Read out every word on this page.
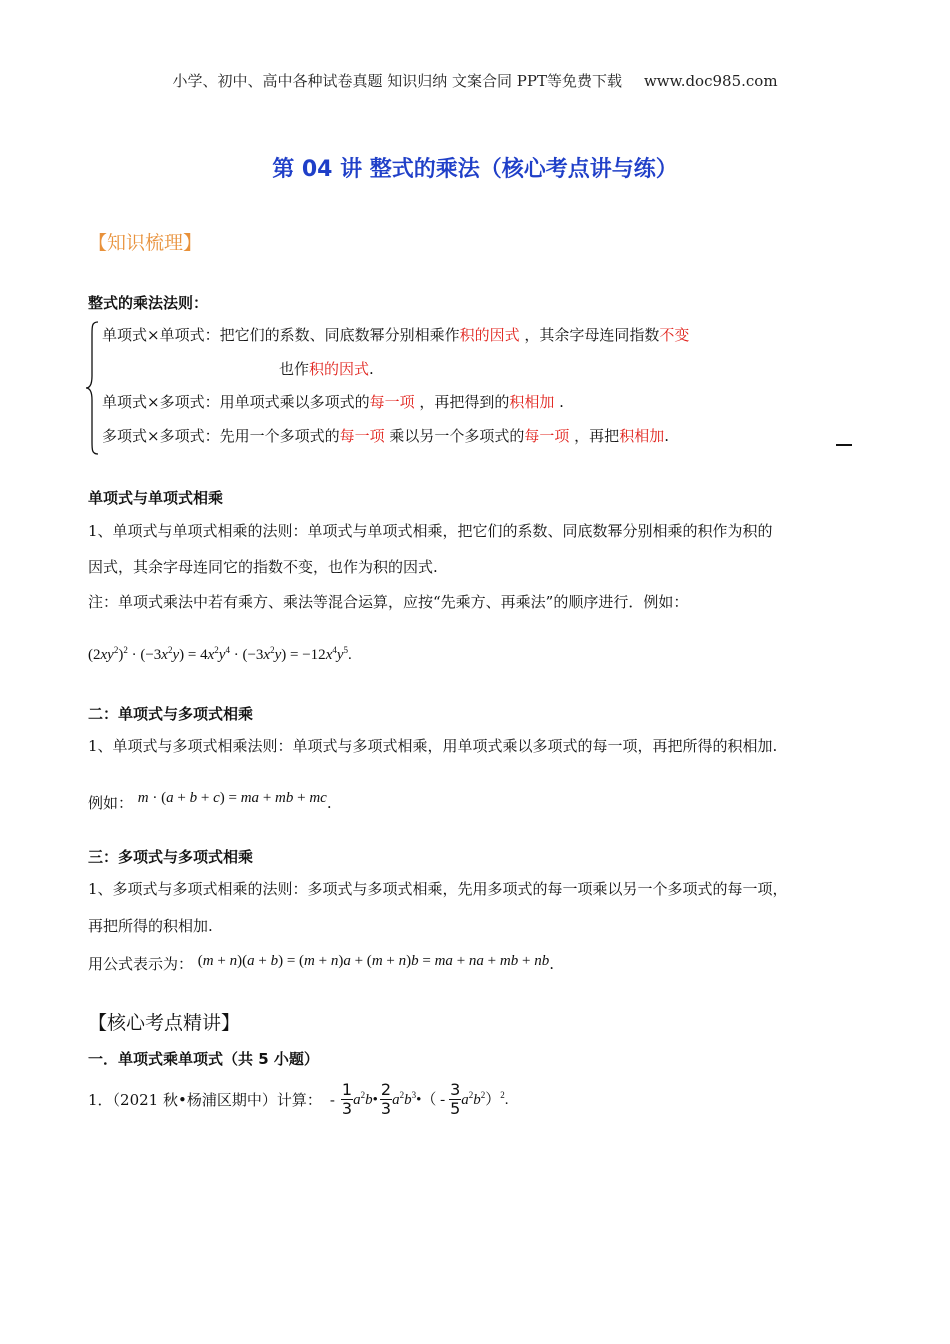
小学、初中、高中各种试卷真题 知识归纳 文案合同 PPT等免费下载 www.doc985.com
第 04 讲 整式的乘法（核心考点讲与练）
【知识梳理】
整式的乘法法则：
单项式×单项式：把它们的系数、同底数幂分别相乘作积的因式 ，其余字母连同指数不变
也作积的因式.
单项式×多项式：用单项式乘以多项式的每一项 ，再把得到的积相加 .
多项式×多项式：先用一个多项式的每一项 乘以另一个多项式的每一项 ，再把积相加.
单项式与单项式相乘
1、单项式与单项式相乘的法则：单项式与单项式相乘，把它们的系数、同底数幂分别相乘的积作为积的
因式，其余字母连同它的指数不变，也作为积的因式.
注：单项式乘法中若有乘方、乘法等混合运算，应按“先乘方、再乘法”的顺序进行．例如：
$(2xy^2)^2 \cdot (-3x^2y) = 4x^2y^4 \cdot (-3x^2y) = -12x^4y^5$.
二：单项式与多项式相乘
1、单项式与多项式相乘法则：单项式与多项式相乘，用单项式乘以多项式的每一项，再把所得的积相加.
例如： m · (a + b + c) = ma + mb + mc.
三：多项式与多项式相乘
1、多项式与多项式相乘的法则：多项式与多项式相乘，先用多项式的每一项乘以另一个多项式的每一项，
再把所得的积相加.
用公式表示为： (m + n)(a + b) = (m + n)a + (m + n)b = ma + na + mb + nb.
【核心考点精讲】
一．单项式乘单项式（共 5 小题）
1．（2021 秋•杨浦区期中）计算： - $\frac{1}{3}$ $a^2b• \frac{2}{3}$ $a^2b^3•( - \frac{3}{5} a^2b^2)^2$.
